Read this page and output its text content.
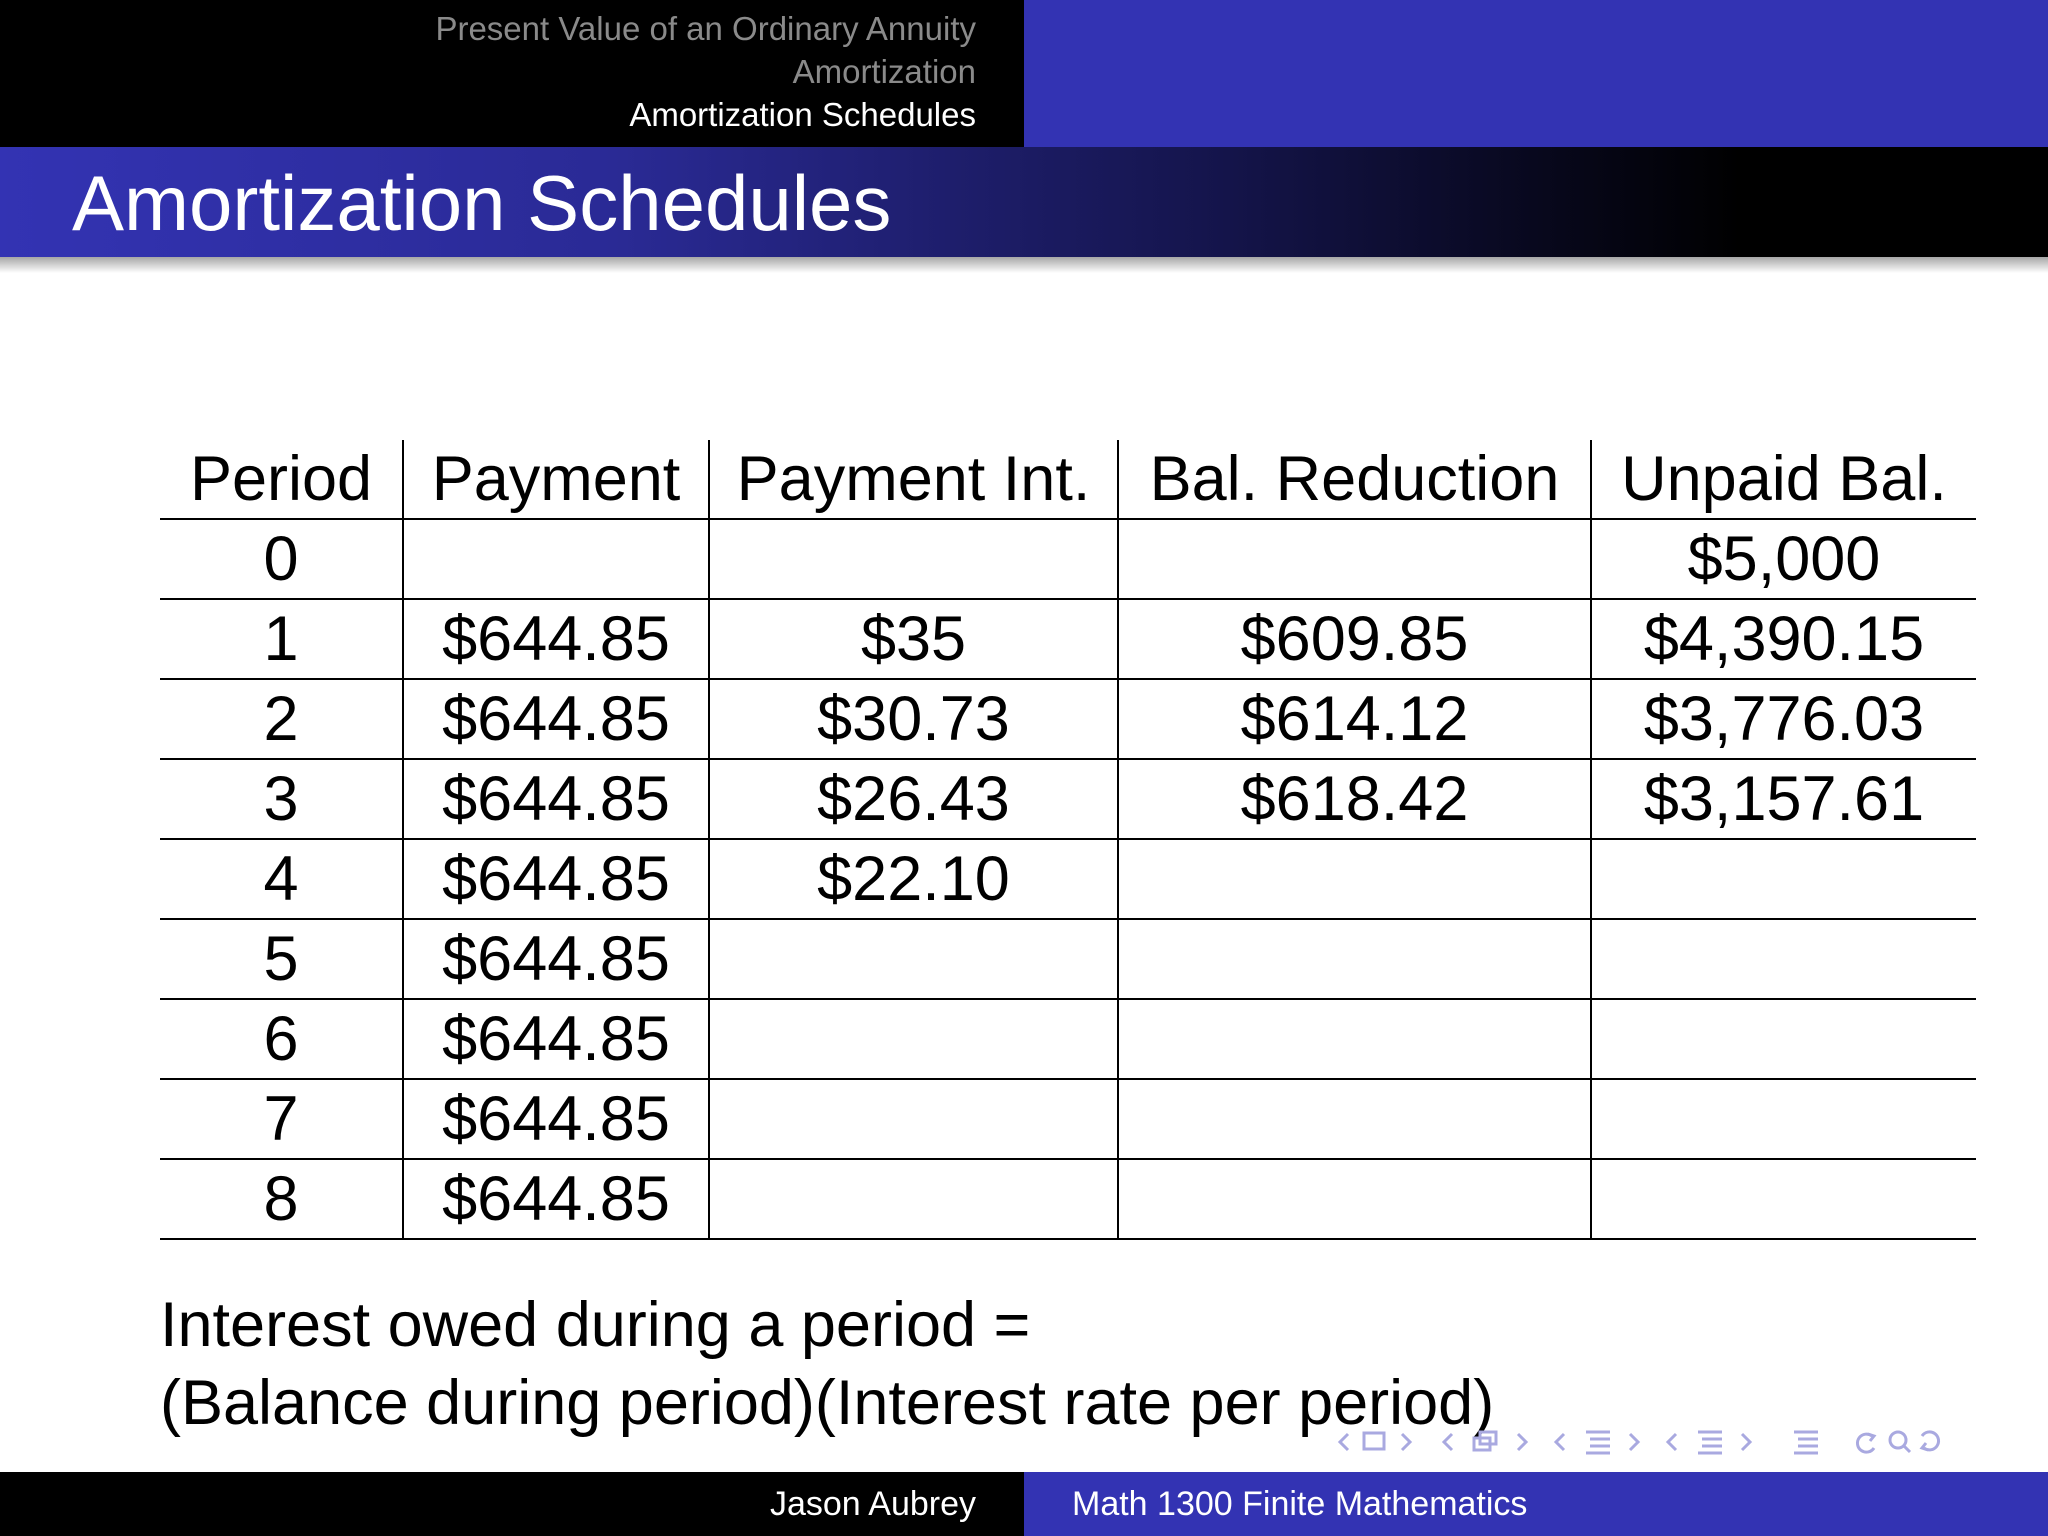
Present Value of an Ordinary Annuity
Amortization
Amortization Schedules
Amortization Schedules
Period	Payment	Payment Int.	Bal. Reduction	Unpaid Bal.
0				$5,000
1	$644.85	$35	$609.85	$4,390.15
2	$644.85	$30.73	$614.12	$3,776.03
3	$644.85	$26.43	$618.42	$3,157.61
4	$644.85	$22.10		
5	$644.85			
6	$644.85			
7	$644.85			
8	$644.85			
Interest owed during a period =
(Balance during period)(Interest rate per period)
Jason Aubrey	Math 1300 Finite Mathematics
